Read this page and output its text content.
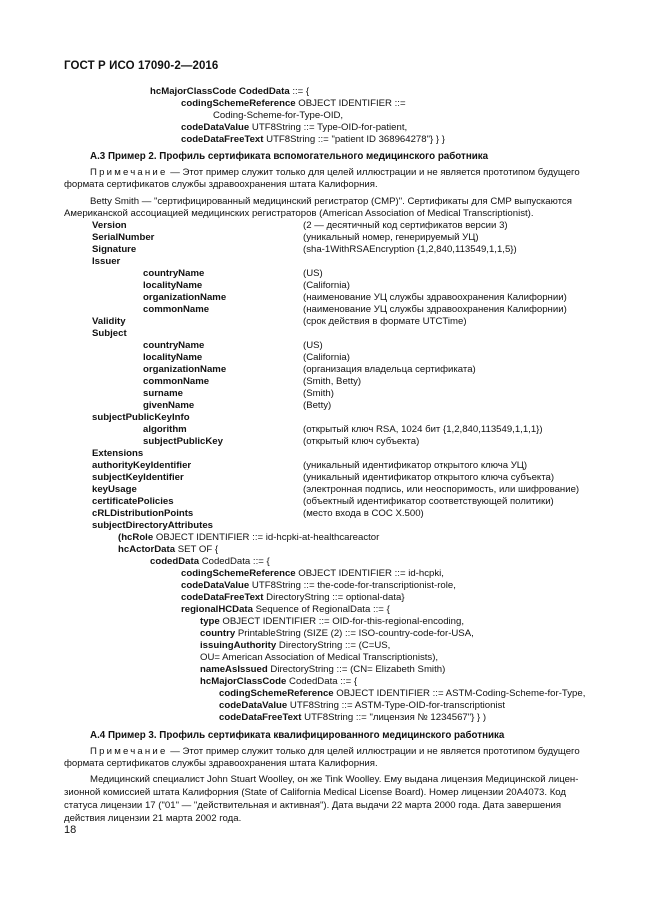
ГОСТ Р ИСО 17090-2—2016
hcMajorClassCode CodedData ::= {
codingSchemeReference OBJECT IDENTIFIER ::=
Coding-Scheme-for-Type-OID,
codeDataValue UTF8String ::= Type-OID-for-patient,
codeDataFreeText UTF8String ::= "patient ID 368964278"} } }
A.3 Пример 2. Профиль сертификата вспомогательного медицинского работника
Примечание — Этот пример служит только для целей иллюстрации и не является прототипом будущего
формата сертификатов службы здравоохранения штата Калифорния.
Betty Smith — "сертифицированный медицинский регистратор (CMP)". Сертификаты для CMP выпускаются
Американской ассоциацией медицинских регистраторов (American Association of Medical Transcriptionist).
Version	(2 — десятичный код сертификатов версии 3)
SerialNumber	(уникальный номер, генерируемый УЦ)
Signature	(sha-1WithRSAEncryption {1,2,840,113549,1,1,5})
Issuer
countryName	(US)
localityName	(California)
organizationName	(наименование УЦ службы здравоохранения Калифорнии)
commonName	(наименование УЦ службы здравоохранения Калифорнии)
Validity	(срок действия в формате UTCTime)
Subject
countryName	(US)
localityName	(California)
organizationName	(организация владельца сертификата)
commonName	(Smith, Betty)
surname	(Smith)
givenName	(Betty)
subjectPublicKeyInfo
algorithm	(открытый ключ RSA, 1024 бит {1,2,840,113549,1,1,1})
subjectPublicKey	(открытый ключ субъекта)
Extensions
authorityKeyIdentifier	(уникальный идентификатор открытого ключа УЦ)
subjectKeyIdentifier	(уникальный идентификатор открытого ключа субъекта)
keyUsage	(электронная подпись, или неоспоримость, или шифрование)
certificatePolicies	(объектный идентификатор соответствующей политики)
cRLDistributionPoints	(место входа в COC X.500)
subjectDirectoryAttributes
(hcRole OBJECT IDENTIFIER ::= id-hcpki-at-healthcareactor
hcActorData SET OF {
codedData CodedData ::= {
codingSchemeReference OBJECT IDENTIFIER ::= id-hcpki,
codeDataValue UTF8String ::= the-code-for-transcriptionist-role,
codeDataFreeText DirectoryString ::= optional-data}
regionalHCData Sequence of RegionalData ::= {
type OBJECT IDENTIFIER ::= OID-for-this-regional-encoding,
country PrintableString (SIZE (2) ::= ISO-country-code-for-USA,
issuingAuthority DirectoryString ::= (C=US,
OU= American Association of Medical Transcriptionists),
nameAsIssued DirectoryString ::= (CN= Elizabeth Smith)
hcMajorClassCode CodedData ::= {
codingSchemeReference OBJECT IDENTIFIER ::= ASTM-Coding-Scheme-for-Type,
codeDataValue UTF8String ::= ASTM-Type-OID-for-transcriptionist
codeDataFreeText UTF8String ::= "лицензия № 1234567"} } )
A.4 Пример 3. Профиль сертификата квалифицированного медицинского работника
Примечание — Этот пример служит только для целей иллюстрации и не является прототипом будущего
формата сертификатов службы здравоохранения штата Калифорния.
Медицинский специалист John Stuart Woolley, он же Tink Woolley. Ему выдана лицензия Медицинской лицен-
зионной комиссией штата Калифорния (State of California Medical License Board). Номер лицензии 20A4073. Код
статуса лицензии 17 ("01" — "действительная и активная"). Дата выдачи 22 марта 2000 года. Дата завершения
действия лицензии 21 марта 2002 года.
18
